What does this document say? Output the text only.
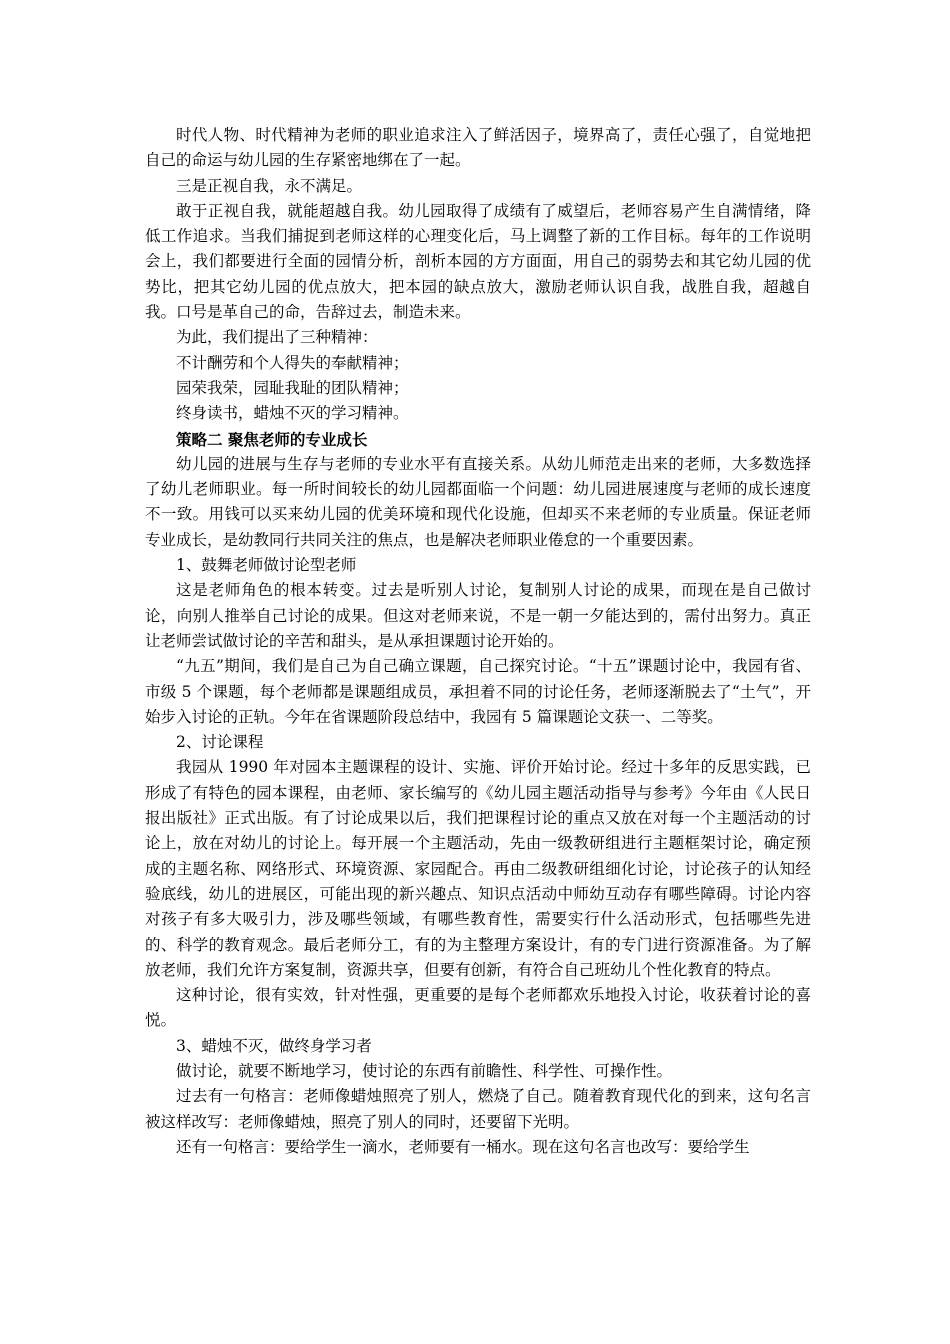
时代人物、时代精神为老师的职业追求注入了鲜活因子，境界高了，责任心强了，自觉地把自己的命运与幼儿园的生存紧密地绑在了一起。

三是正视自我，永不满足。

敢于正视自我，就能超越自我。幼儿园取得了成绩有了威望后，老师容易产生自满情绪，降低工作追求。当我们捕捉到老师这样的心理变化后，马上调整了新的工作目标。每年的工作说明会上，我们都要进行全面的园情分析，剖析本园的方方面面，用自己的弱势去和其它幼儿园的优势比，把其它幼儿园的优点放大，把本园的缺点放大，激励老师认识自我，战胜自我，超越自我。口号是革自己的命，告辞过去，制造未来。

为此，我们提出了三种精神：

不计酬劳和个人得失的奉献精神；

园荣我荣，园耻我耻的团队精神；

终身读书，蜡烛不灭的学习精神。

策略二 聚焦老师的专业成长

幼儿园的进展与生存与老师的专业水平有直接关系。从幼儿师范走出来的老师，大多数选择了幼儿老师职业。每一所时间较长的幼儿园都面临一个问题：幼儿园进展速度与老师的成长速度不一致。用钱可以买来幼儿园的优美环境和现代化设施，但却买不来老师的专业质量。保证老师专业成长，是幼教同行共同关注的焦点，也是解决老师职业倦怠的一个重要因素。

1、鼓舞老师做讨论型老师

这是老师角色的根本转变。过去是听别人讨论，复制别人讨论的成果，而现在是自己做讨论，向别人推举自己讨论的成果。但这对老师来说，不是一朝一夕能达到的，需付出努力。真正让老师尝试做讨论的辛苦和甜头，是从承担课题讨论开始的。

“九五”期间，我们是自己为自己确立课题，自己探究讨论。“十五”课题讨论中，我园有省、市级 5 个课题，每个老师都是课题组成员，承担着不同的讨论任务，老师逐渐脱去了“土气”，开始步入讨论的正轨。今年在省课题阶段总结中，我园有 5 篇课题论文获一、二等奖。

2、讨论课程

我园从 1990 年对园本主题课程的设计、实施、评价开始讨论。经过十多年的反思实践，已形成了有特色的园本课程，由老师、家长编写的《幼儿园主题活动指导与参考》今年由《人民日报出版社》正式出版。有了讨论成果以后，我们把课程讨论的重点又放在对每一个主题活动的讨论上，放在对幼儿的讨论上。每开展一个主题活动，先由一级教研组进行主题框架讨论，确定预成的主题名称、网络形式、环境资源、家园配合。再由二级教研组细化讨论，讨论孩子的认知经验底线，幼儿的进展区，可能出现的新兴趣点、知识点活动中师幼互动存有哪些障碍。讨论内容对孩子有多大吸引力，涉及哪些领域，有哪些教育性，需要实行什么活动形式，包括哪些先进的、科学的教育观念。最后老师分工，有的为主整理方案设计，有的专门进行资源准备。为了解放老师，我们允许方案复制，资源共享，但要有创新，有符合自己班幼儿个性化教育的特点。

这种讨论，很有实效，针对性强，更重要的是每个老师都欢乐地投入讨论，收获着讨论的喜悦。

3、蜡烛不灭，做终身学习者

做讨论，就要不断地学习，使讨论的东西有前瞻性、科学性、可操作性。

过去有一句格言：老师像蜡烛照亮了别人，燃烧了自己。随着教育现代化的到来，这句名言被这样改写：老师像蜡烛，照亮了别人的同时，还要留下光明。

还有一句格言：要给学生一滴水，老师要有一桶水。现在这句名言也改写：要给学生
